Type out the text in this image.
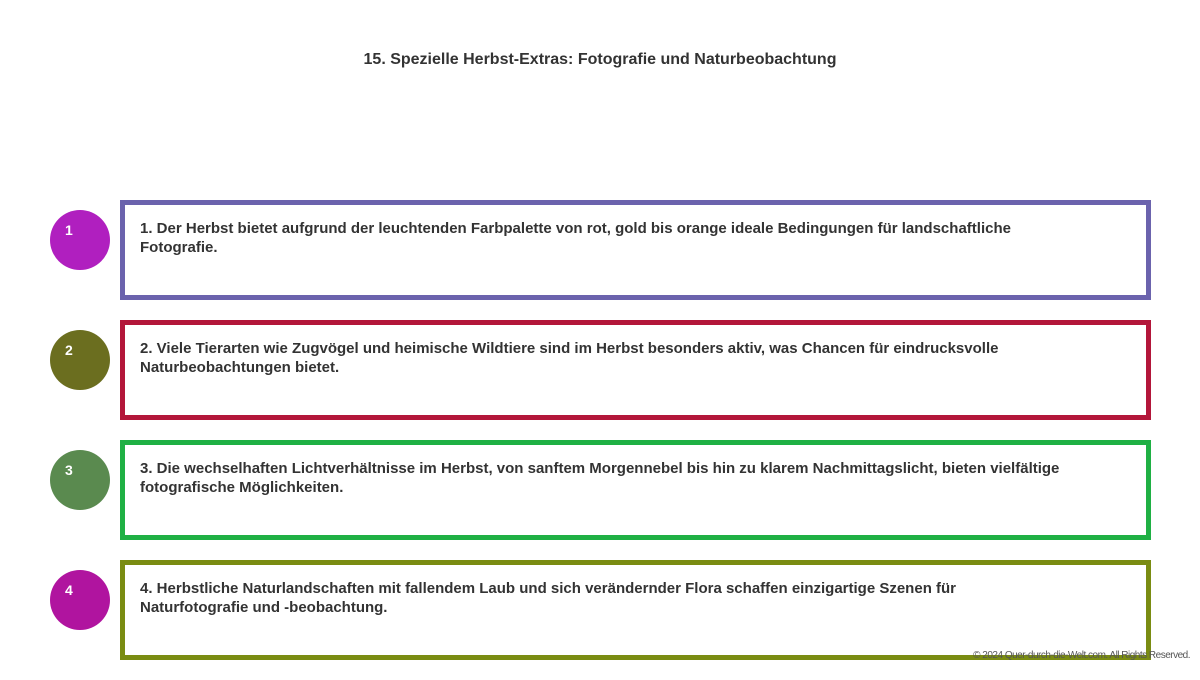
15. Spezielle Herbst-Extras: Fotografie und Naturbeobachtung
1	1. Der Herbst bietet aufgrund der leuchtenden Farbpalette von rot, gold bis orange ideale Bedingungen für landschaftliche Fotografie.
2	2. Viele Tierarten wie Zugvögel und heimische Wildtiere sind im Herbst besonders aktiv, was Chancen für eindrucksvolle Naturbeobachtungen bietet.
3	3. Die wechselhaften Lichtverhältnisse im Herbst, von sanftem Morgennebel bis hin zu klarem Nachmittagslicht, bieten vielfältige fotografische Möglichkeiten.
4	4. Herbstliche Naturlandschaften mit fallendem Laub und sich verändernder Flora schaffen einzigartige Szenen für Naturfotografie und -beobachtung.
© 2024 Quer-durch-die-Welt.com. All Rights Reserved.
